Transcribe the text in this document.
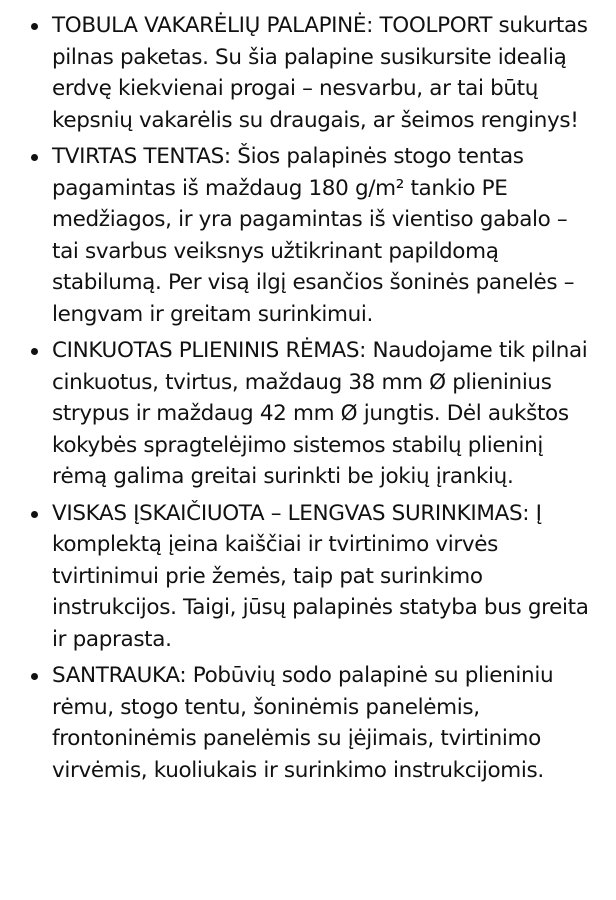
TOBULA VAKARĖLIŲ PALAPINĖ: TOOLPORT sukurtas pilnas paketas. Su šia palapine susikursite idealią erdvę kiekvienai progai – nesvarbu, ar tai būtų kepsnių vakarėlis su draugais, ar šeimos renginys!
TVIRTAS TENTAS: Šios palapinės stogo tentas pagamintas iš maždaug 180 g/m² tankio PE medžiagos, ir yra pagamintas iš vientiso gabalo – tai svarbus veiksnys užtikrinant papildomą stabilumą. Per visą ilgį esančios šoninės panelės – lengvam ir greitam surinkimui.
CINKUOTAS PLIENINIS RĖMAS: Naudojame tik pilnai cinkuotus, tvirtus, maždaug 38 mm Ø plieninius strypus ir maždaug 42 mm Ø jungtis. Dėl aukštos kokybės spragtelėjimo sistemos stabilų plieninį rėmą galima greitai surinkti be jokių įrankių.
VISKAS ĮSKAIČIUOTA – LENGVAS SURINKIMAS: Į komplektą įeina kaiščiai ir tvirtinimo virvės tvirtinimui prie žemės, taip pat surinkimo instrukcijos. Taigi, jūsų palapinės statyba bus greita ir paprasta.
SANTRAUKA: Pobūvių sodo palapinė su plieniniu rėmu, stogo tentu, šoninėmis panelėmis, frontoninėmis panelėmis su įėjimais, tvirtinimo virvėmis, kuoliukais ir surinkimo instrukcijomis.
